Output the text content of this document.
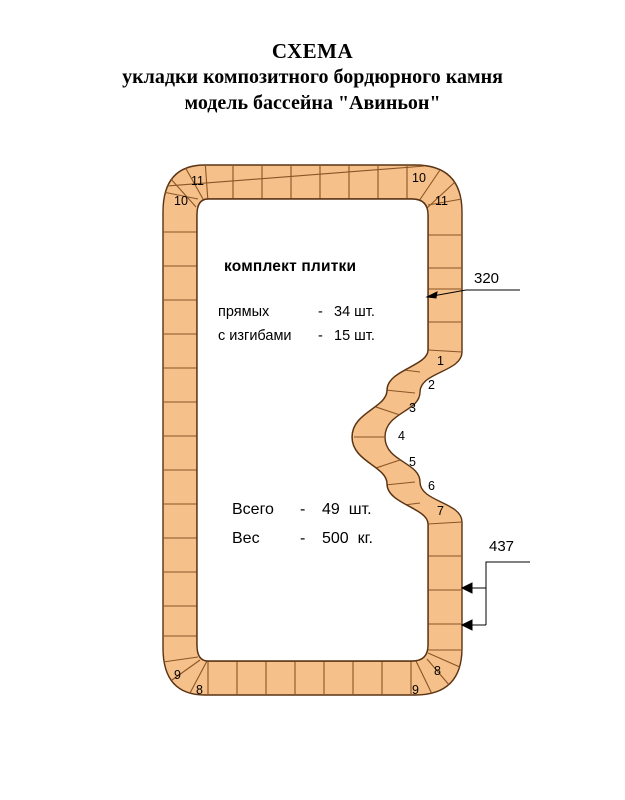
10
11	10
11
1
2
3
4
5
6
7
9
8	9
8
комплект плитки
прямых	- 34 шт.
с изгибами	- 15 шт.
Всего	-	49  шт.
Вес	-	500  кг.
320
437
